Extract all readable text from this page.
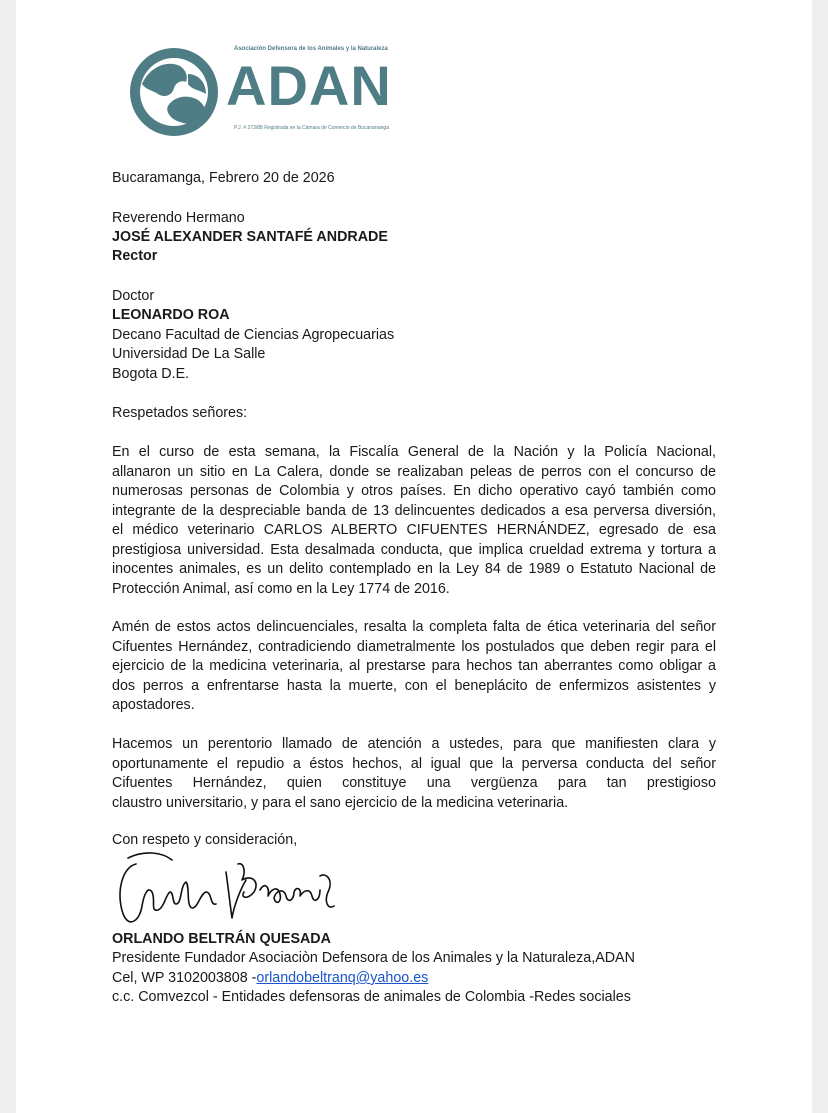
Asociación Defensora de los Animales y la Naturaleza
ADAN
P.J. # 273/88 Registrada en la Cámara de Comercio de Bucaramanga
Bucaramanga, Febrero 20 de 2026
Reverendo Hermano
JOSÉ ALEXANDER SANTAFÉ ANDRADE
Rector
Doctor
LEONARDO ROA
Decano Facultad de Ciencias Agropecuarias
Universidad De La Salle
Bogota D.E.
Respetados señores:
En el curso de esta semana, la Fiscalía General de la Nación y la Policía Nacional,
allanaron un sitio en La Calera, donde se realizaban peleas de perros con el concurso de
numerosas personas de Colombia y otros países. En dicho operativo cayó también como
integrante de la despreciable banda de 13 delincuentes dedicados a esa perversa diversión,
el médico veterinario CARLOS ALBERTO CIFUENTES HERNÁNDEZ, egresado de esa
prestigiosa universidad. Esta desalmada conducta, que implica crueldad extrema y tortura a
inocentes animales, es un delito contemplado en la Ley 84 de 1989 o Estatuto Nacional de
Protección Animal, así como en la Ley 1774 de 2016.
Amén de estos actos delincuenciales, resalta la completa falta de ética veterinaria del señor
Cifuentes Hernández, contradiciendo diametralmente los postulados que deben regir para el
ejercicio de la medicina veterinaria, al prestarse para hechos tan aberrantes como obligar a
dos perros a enfrentarse hasta la muerte, con el beneplácito de enfermizos asistentes y
apostadores.
Hacemos un perentorio llamado de atención a ustedes, para que manifiesten clara y
oportunamente el repudio a éstos hechos, al igual que la perversa conducta del señor
Cifuentes Hernández, quien constituye una vergüenza para tan prestigioso
claustro universitario, y para el sano ejercicio de la medicina veterinaria.
Con respeto y consideración,
ORLANDO BELTRÁN QUESADA
Presidente Fundador Asociaciòn Defensora de los Animales y la Naturaleza,ADAN
Cel, WP 3102003808 -orlandobeltranq@yahoo.es
c.c. Comvezcol - Entidades defensoras de animales de Colombia -Redes sociales
